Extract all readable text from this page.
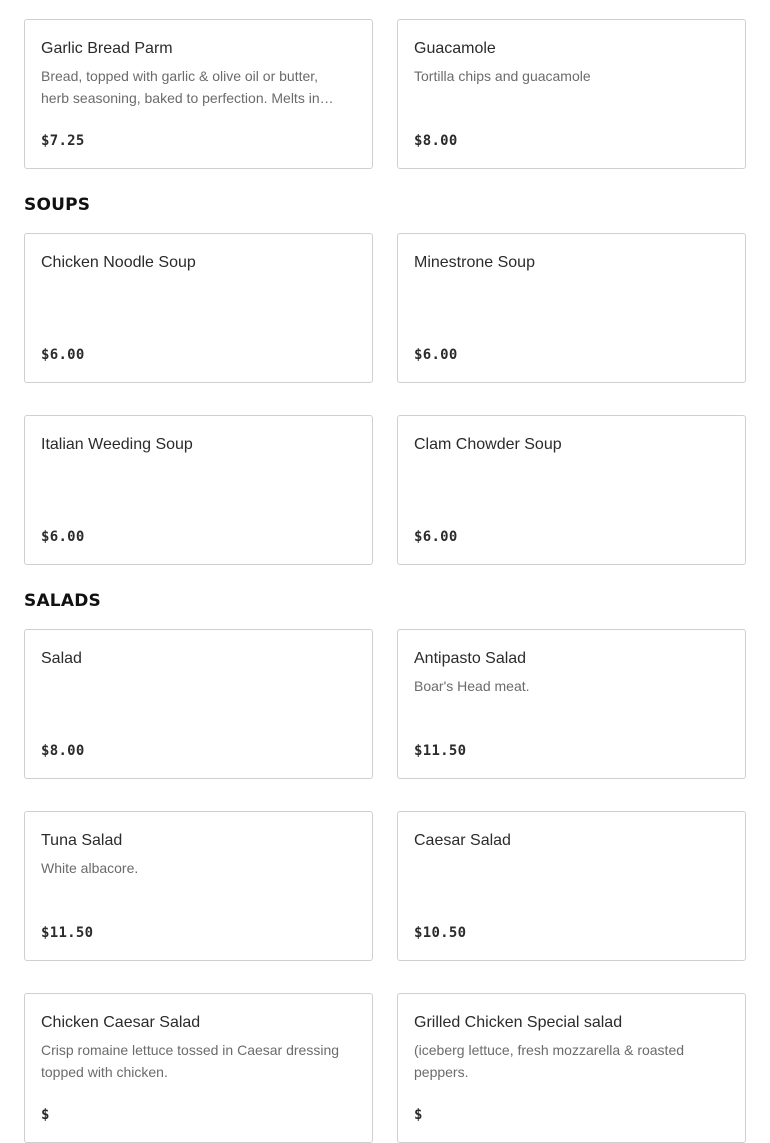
Garlic Bread Parm
Bread, topped with garlic & olive oil or butter, herb seasoning, baked to perfection. Melts in…
$7.25
Guacamole
Tortilla chips and guacamole
$8.00
SOUPS
Chicken Noodle Soup
$6.00
Minestrone Soup
$6.00
Italian Weeding Soup
$6.00
Clam Chowder Soup
$6.00
SALADS
Salad
$8.00
Antipasto Salad
Boar's Head meat.
$11.50
Tuna Salad
White albacore.
$11.50
Caesar Salad
$10.50
Chicken Caesar Salad
Crisp romaine lettuce tossed in Caesar dressing topped with chicken.
$
Grilled Chicken Special salad
(iceberg lettuce, fresh mozzarella & roasted peppers.
$
